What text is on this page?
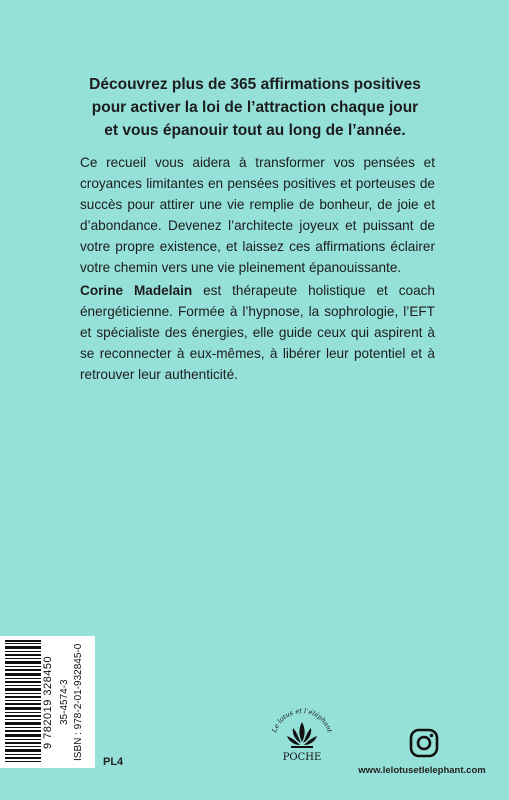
Découvrez plus de 365 affirmations positives
pour activer la loi de l’attraction chaque jour
et vous épanouir tout au long de l’année.
Ce recueil vous aidera à transformer vos pensées et croyances limitantes en pensées positives et porteuses de succès pour attirer une vie remplie de bonheur, de joie et d’abondance. Devenez l’architecte joyeux et puissant de votre propre existence, et laissez ces affirmations éclairer votre chemin vers une vie pleinement épanouissante.
Corine Madelain est thérapeute holistique et coach énergéticienne. Formée à l’hypnose, la sophrologie, l’EFT et spécialiste des énergies, elle guide ceux qui aspirent à se reconnecter à eux-mêmes, à libérer leur potentiel et à retrouver leur authenticité.
9 782019 328450 35-4574-3 ISBN : 978-2-01-932845-0
PL4
Le lotus et l’éléphant
POCHE
www.lelotusetlelephant.com
